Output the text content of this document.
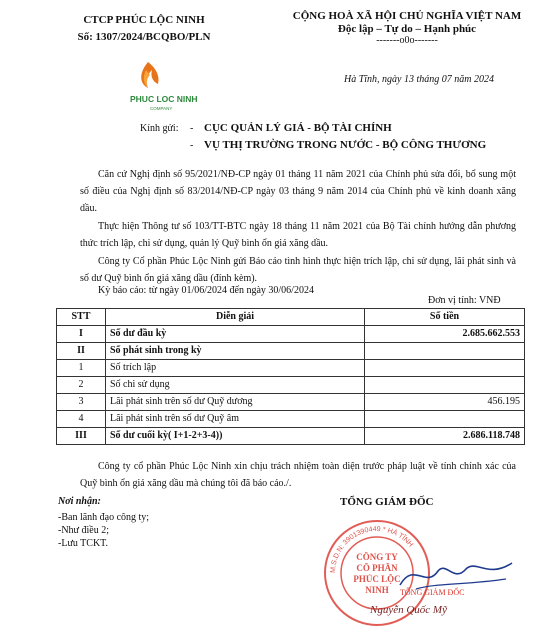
CTCP PHÚC LỘC NINH
Số: 1307/2024/BCQBO/PLN
PHUC LOC NINH
COMPANY
CỘNG HOÀ XÃ HỘI CHỦ NGHĨA VIỆT NAM
Độc lập – Tự do – Hạnh phúc
-------o0o-------
Hà Tĩnh, ngày 13 tháng 07 năm 2024
Kính gửi: - CỤC QUẢN LÝ GIÁ - BỘ TÀI CHÍNH
- VỤ THỊ TRƯỜNG TRONG NƯỚC - BỘ CÔNG THƯƠNG
Căn cứ Nghị định số 95/2021/NĐ-CP ngày 01 tháng 11 năm 2021 của Chính phủ sửa đổi, bổ sung một số điều của Nghị định số 83/2014/NĐ-CP ngày 03 tháng 9 năm 2014 của Chính phủ về kinh doanh xăng dầu.
Thực hiện Thông tư số 103/TT-BTC ngày 18 tháng 11 năm 2021 của Bộ Tài chính hướng dẫn phương thức trích lập, chi sử dụng, quản lý Quỹ bình ổn giá xăng dầu.
Công ty Cổ phần Phúc Lộc Ninh gửi Báo cáo tình hình thực hiện trích lập, chi sử dụng, lãi phát sinh và số dư Quỹ bình ổn giá xăng dầu (đính kèm).
Kỳ báo cáo: từ ngày 01/06/2024 đến ngày 30/06/2024
Đơn vị tính: VNĐ
STT	Diễn giải	Số tiền
I	Số dư đầu kỳ	2.685.662.553
II	Số phát sinh trong kỳ	
1	Số trích lập	
2	Số chi sử dụng	
3	Lãi phát sinh trên số dư Quỹ dương	456.195
4	Lãi phát sinh trên số dư Quỹ âm	
III	Số dư cuối kỳ( I+1-2+3-4))	2.686.118.748
Công ty cổ phần Phúc Lộc Ninh xin chịu trách nhiệm toàn diện trước pháp luật về tính chính xác của Quỹ bình ổn giá xăng dầu mà chúng tôi đã báo cáo./.
Nơi nhận:
-Ban lãnh đạo công ty;
-Như điều 2;
-Lưu TCKT.
TỔNG GIÁM ĐỐC
M.S.D.N: 3901390449 * HÀ TĨNH
CÔNG TY
CỔ PHẦN
PHÚC LỘC
NINH TỔNG GIÁM ĐỐC
Nguyễn Quốc Mỹ
